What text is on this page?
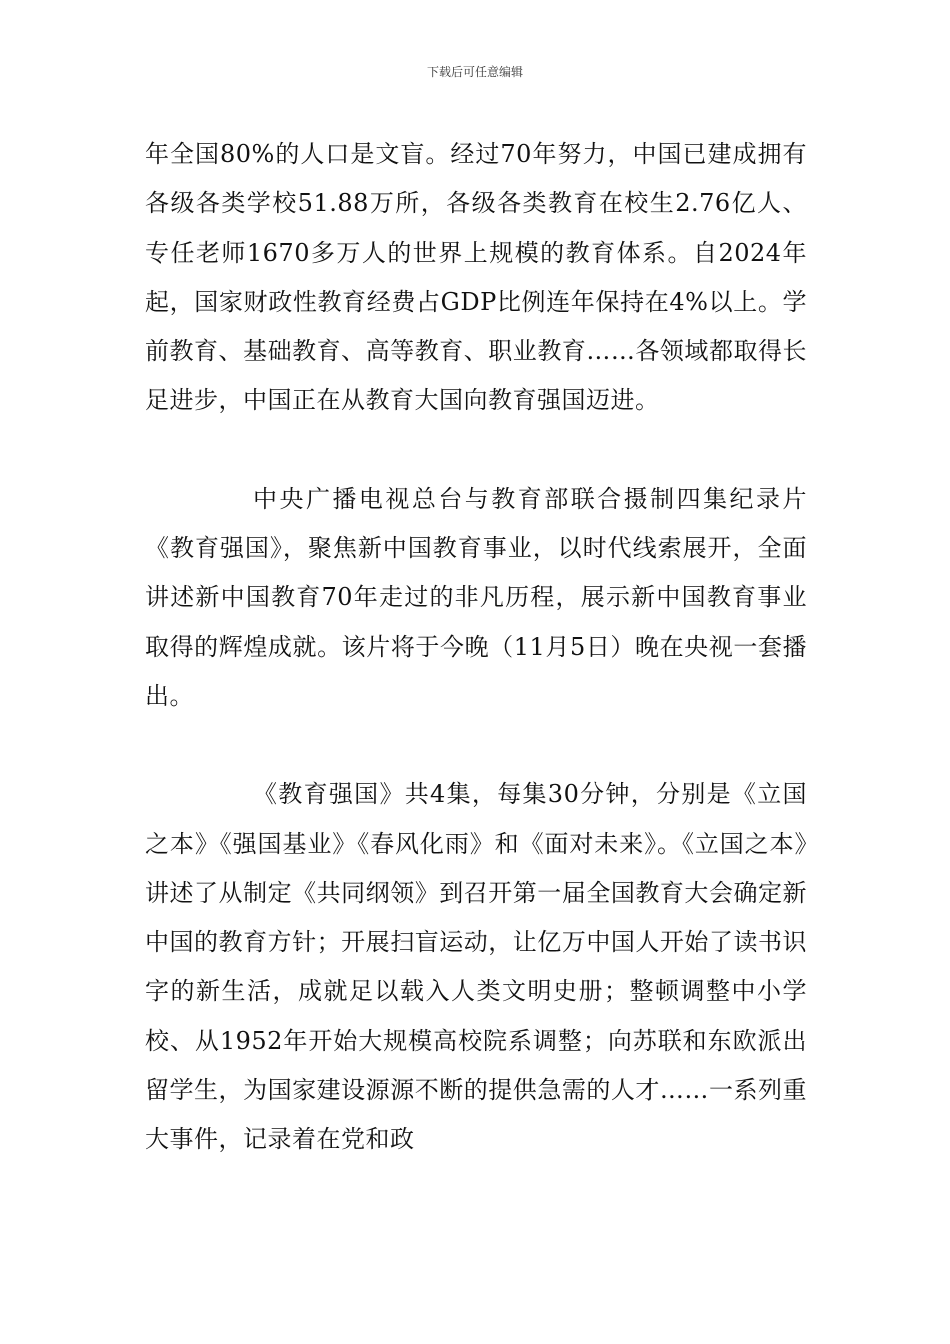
下载后可任意编辑

年全国80%的人口是文盲。经过70年努力，中国已建成拥有各级各类学校51.88万所，各级各类教育在校生2.76亿人、专任老师1670多万人的世界上规模的教育体系。自2024年起，国家财政性教育经费占GDP比例连年保持在4%以上。学前教育、基础教育、高等教育、职业教育……各领域都取得长足进步，中国正在从教育大国向教育强国迈进。

中央广播电视总台与教育部联合摄制四集纪录片《教育强国》，聚焦新中国教育事业，以时代线索展开，全面讲述新中国教育70年走过的非凡历程，展示新中国教育事业取得的辉煌成就。该片将于今晚（11月5日）晚在央视一套播出。

《教育强国》共4集，每集30分钟，分别是《立国之本》《强国基业》《春风化雨》和《面对未来》。《立国之本》讲述了从制定《共同纲领》到召开第一届全国教育大会确定新中国的教育方针；开展扫盲运动，让亿万中国人开始了读书识字的新生活，成就足以载入人类文明史册；整顿调整中小学校、从1952年开始大规模高校院系调整；向苏联和东欧派出留学生，为国家建设源源不断的提供急需的人才……一系列重大事件，记录着在党和政
